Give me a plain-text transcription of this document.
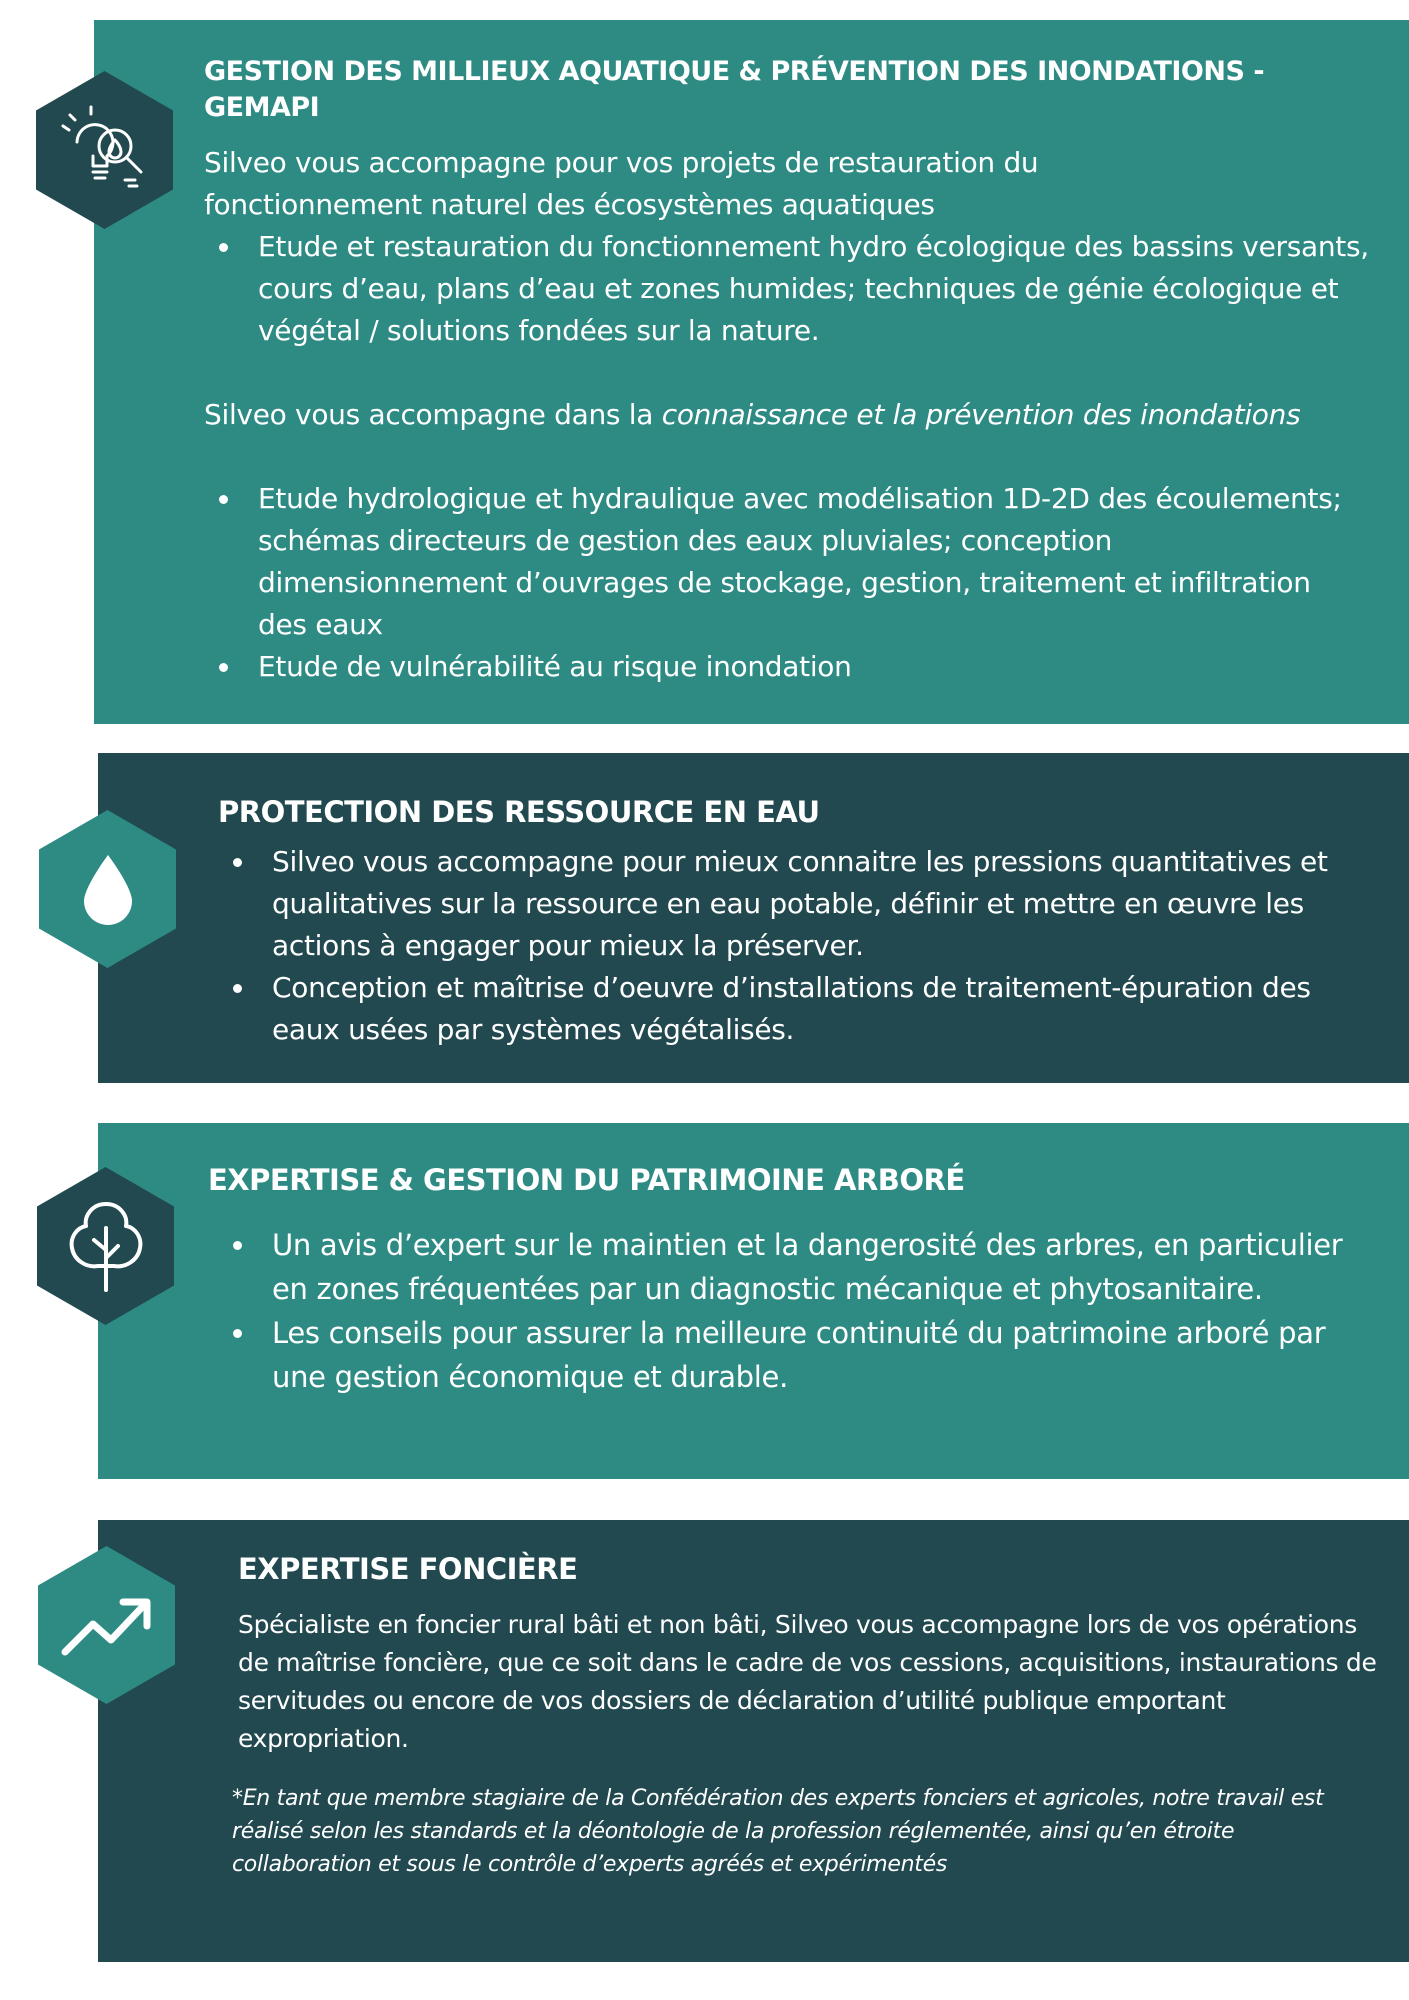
GESTION DES MILLIEUX AQUATIQUE & PRÉVENTION DES INONDATIONS - GEMAPI

Silveo vous accompagne pour vos projets de restauration du fonctionnement naturel des écosystèmes aquatiques

Etude et restauration du fonctionnement hydro écologique des bassins versants, cours d’eau, plans d’eau et zones humides; techniques de génie écologique et végétal / solutions fondées sur la nature.

Silveo vous accompagne dans la connaissance et la prévention des inondations

Etude hydrologique et hydraulique avec modélisation 1D-2D des écoulements; schémas directeurs de gestion des eaux pluviales; conception dimensionnement d’ouvrages de stockage, gestion, traitement et infiltration des eaux
Etude de vulnérabilité au risque inondation
PROTECTION DES RESSOURCE EN EAU
Silveo vous accompagne pour mieux connaitre les pressions quantitatives et qualitatives sur la ressource en eau potable, définir et mettre en œuvre les actions à engager pour mieux la préserver.
Conception et maîtrise d’oeuvre d’installations de traitement-épuration des eaux usées par systèmes végétalisés.
EXPERTISE & GESTION DU PATRIMOINE ARBORÉ
Un avis d’expert sur le maintien et la dangerosité des arbres, en particulier en zones fréquentées par un diagnostic mécanique et phytosanitaire.
Les conseils pour assurer la meilleure continuité du patrimoine arboré par une gestion économique et durable.
EXPERTISE FONCIÈRE

Spécialiste en foncier rural bâti et non bâti, Silveo vous accompagne lors de vos opérations de maîtrise foncière, que ce soit dans le cadre de vos cessions, acquisitions, instaurations de servitudes ou encore de vos dossiers de déclaration d’utilité publique emportant expropriation.

*En tant que membre stagiaire de la Confédération des experts fonciers et agricoles, notre travail est réalisé selon les standards et la déontologie de la profession réglementée, ainsi qu’en étroite collaboration et sous le contrôle d’experts agréés et expérimentés
